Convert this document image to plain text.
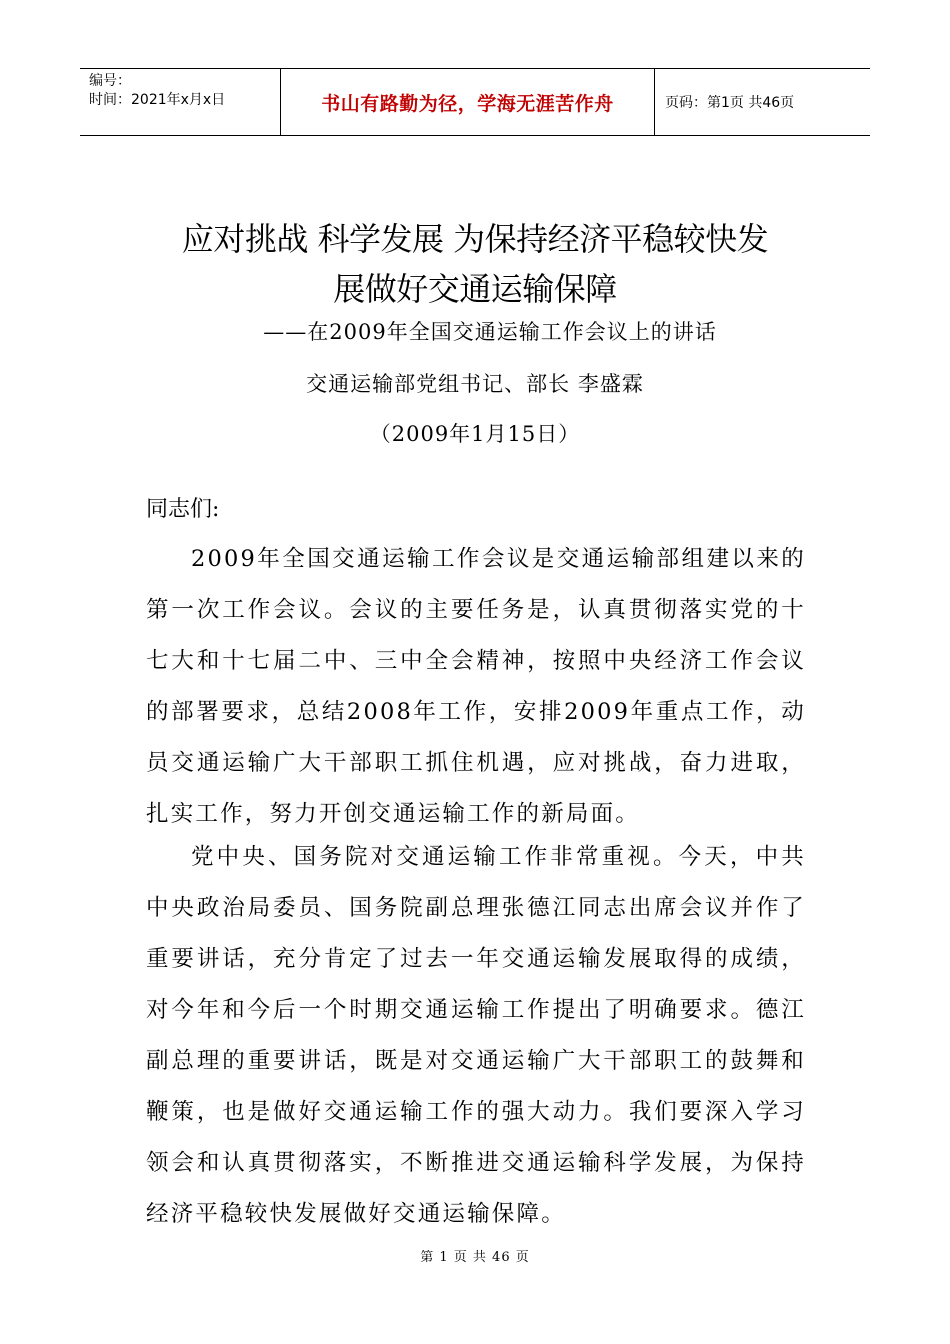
编号：
时间：2021年x月x日	书山有路勤为径，学海无涯苦作舟	页码：第1页 共46页
应对挑战 科学发展 为保持经济平稳较快发
展做好交通运输保障
——在2009年全国交通运输工作会议上的讲话
交通运输部党组书记、部长 李盛霖
（2009年1月15日）
同志们:

2009年全国交通运输工作会议是交通运输部组建以来的第一次工作会议。会议的主要任务是，认真贯彻落实党的十七大和十七届二中、三中全会精神，按照中央经济工作会议的部署要求，总结2008年工作，安排2009年重点工作，动员交通运输广大干部职工抓住机遇，应对挑战，奋力进取，扎实工作，努力开创交通运输工作的新局面。

党中央、国务院对交通运输工作非常重视。今天，中共中央政治局委员、国务院副总理张德江同志出席会议并作了重要讲话，充分肯定了过去一年交通运输发展取得的成绩，对今年和今后一个时期交通运输工作提出了明确要求。德江副总理的重要讲话，既是对交通运输广大干部职工的鼓舞和鞭策，也是做好交通运输工作的强大动力。我们要深入学习领会和认真贯彻落实，不断推进交通运输科学发展，为保持经济平稳较快发展做好交通运输保障。

第 1 页 共 46 页
